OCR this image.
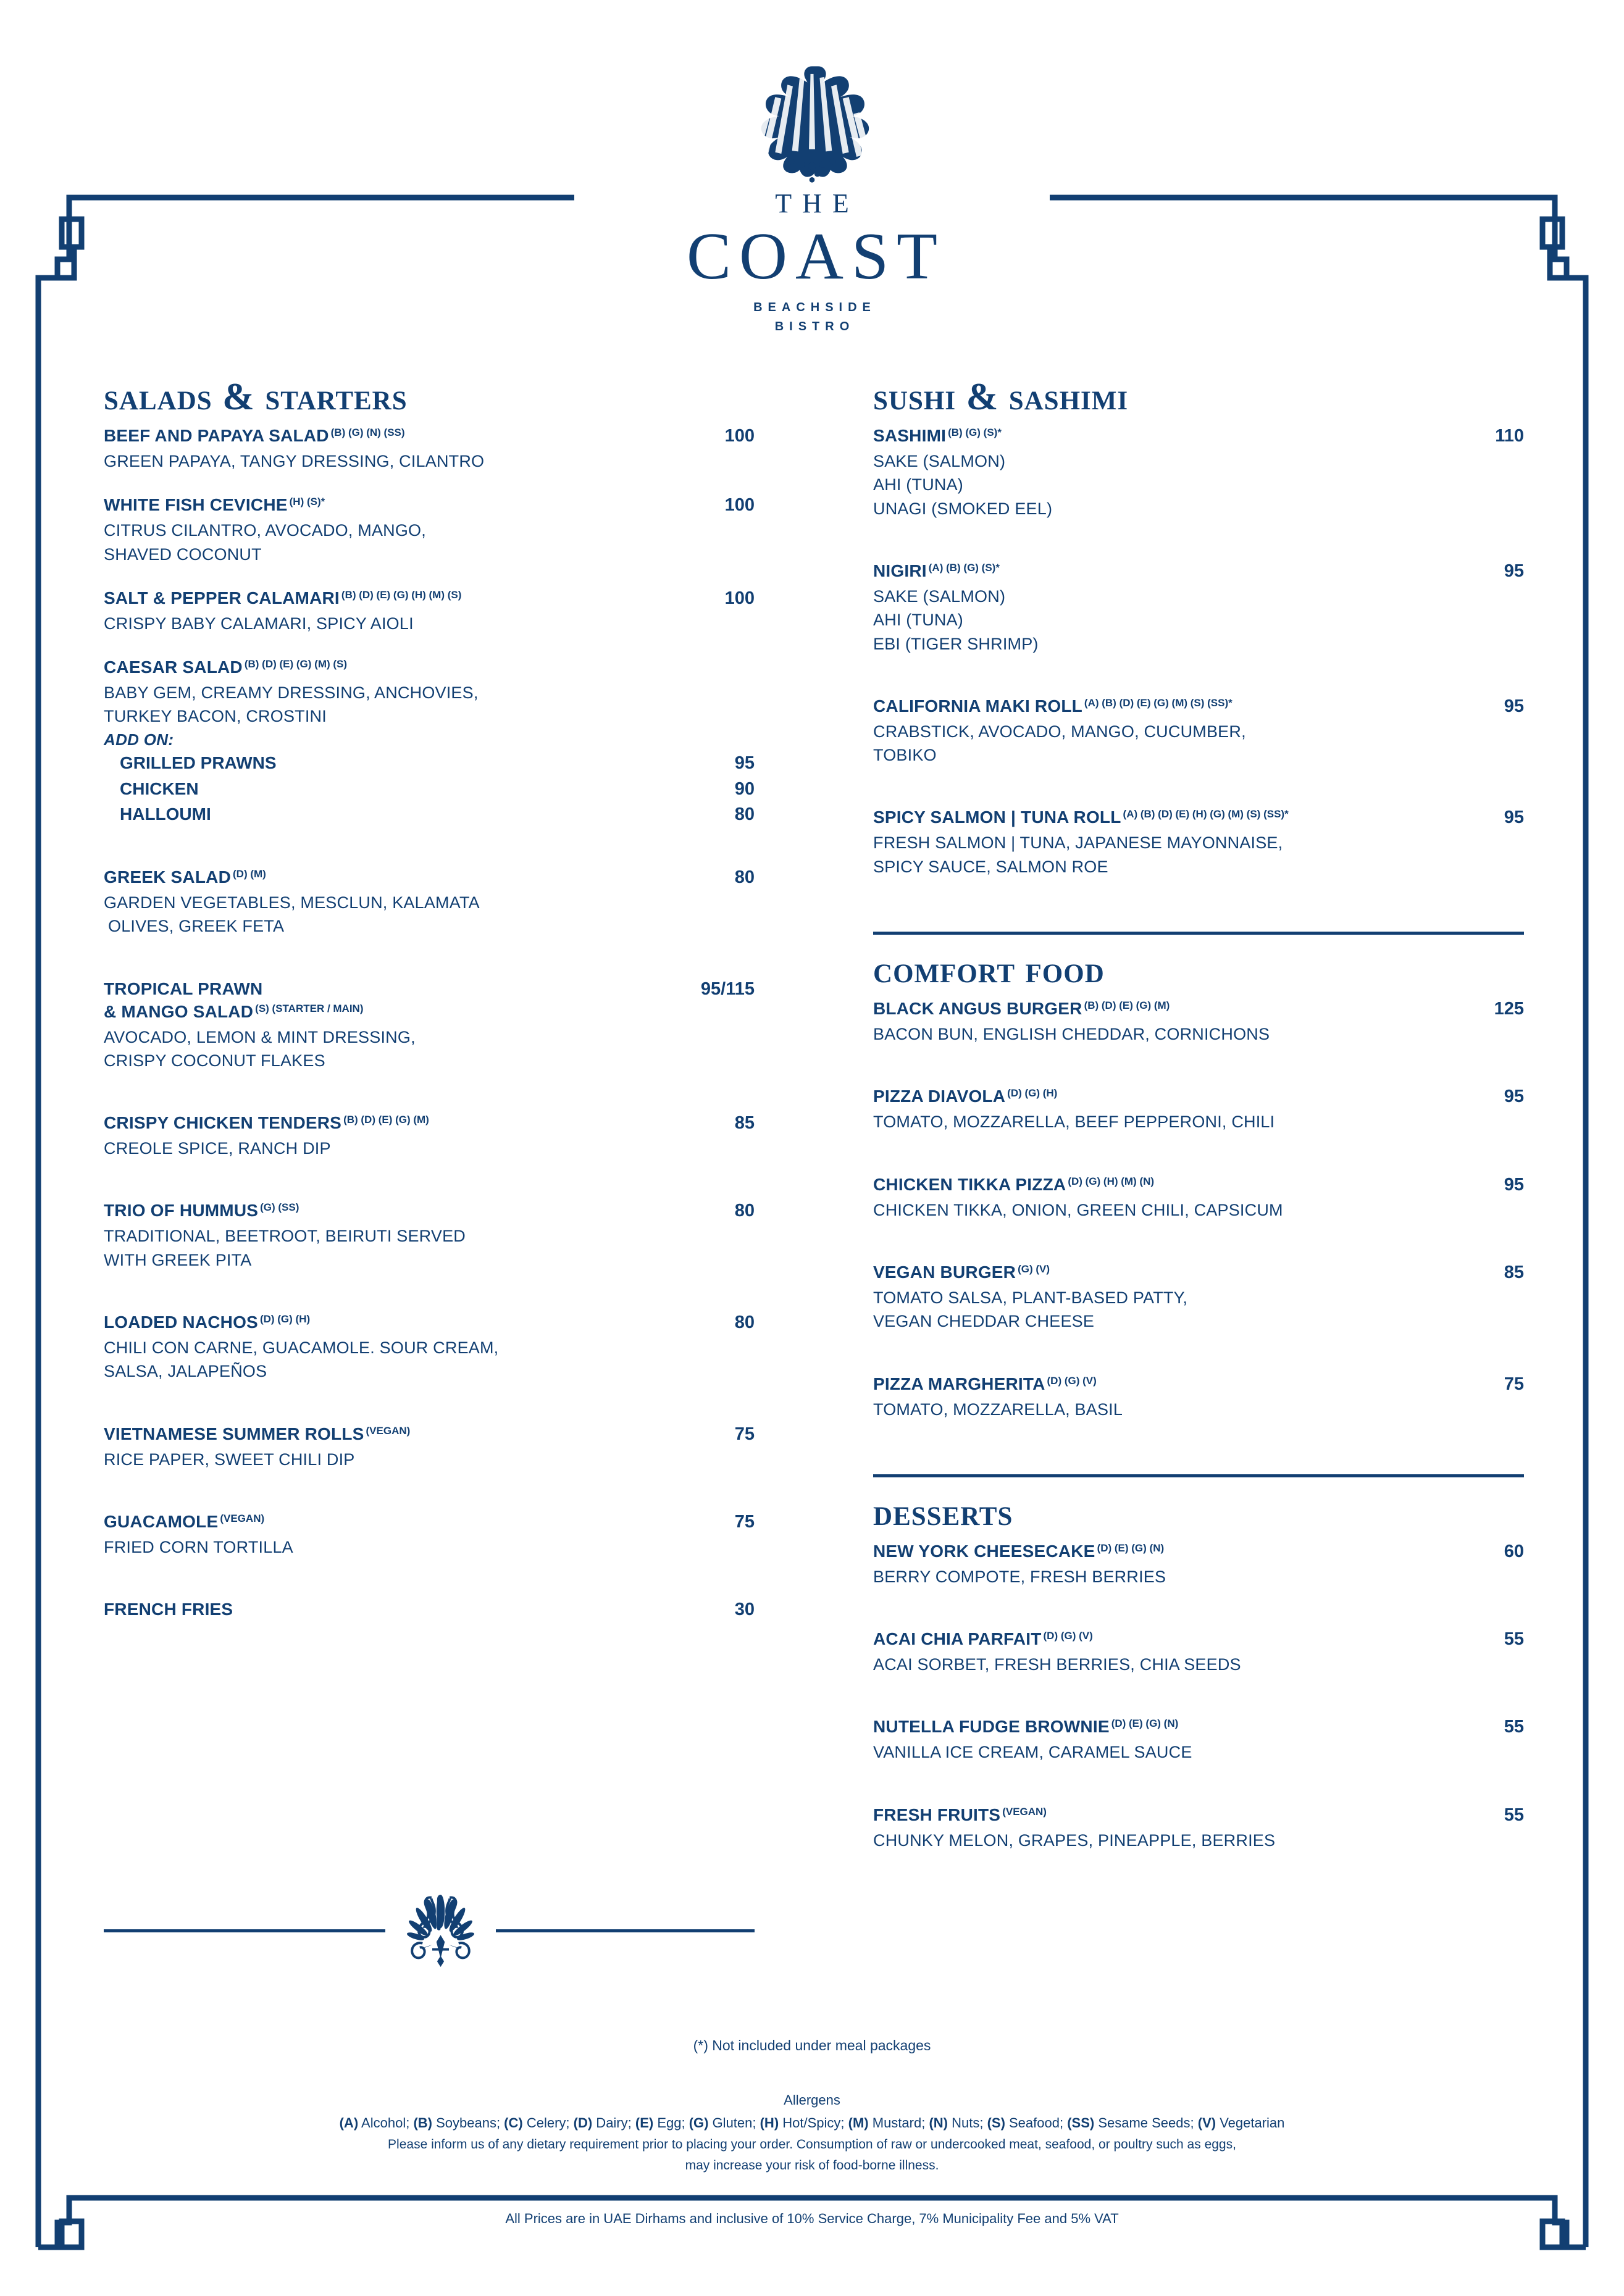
THE
COAST
BEACHSIDE
BISTRO
salads & starters
BEEF AND PAPAYA SALAD $^{(B) (G) (N) (SS)}$	100
GREEN PAPAYA, TANGY DRESSING, CILANTRO
WHITE FISH CEVICHE $^{(H) (S)*}$	100
CITRUS CILANTRO, AVOCADO, MANGO,
SHAVED COCONUT
SALT & PEPPER CALAMARI $^{(B) (D) (E) (G) (H) (M) (S)}$	100
CRISPY BABY CALAMARI, SPICY AIOLI
CAESAR SALAD $^{(B) (D) (E) (G) (M) (S)}$
BABY GEM, CREAMY DRESSING, ANCHOVIES,
TURKEY BACON, CROSTINI
ADD ON:
GRILLED PRAWNS	95
CHICKEN	90
HALLOUMI	80
GREEK SALAD $^{(D) (M)}$	80
GARDEN VEGETABLES, MESCLUN, KALAMATA
OLIVES, GREEK FETA
TROPICAL PRAWN	95/115
& MANGO SALAD $^{(S) (STARTER / MAIN)}$
AVOCADO, LEMON & MINT DRESSING,
CRISPY COCONUT FLAKES
CRISPY CHICKEN TENDERS $^{(B) (D) (E) (G) (M)}$	85
CREOLE SPICE, RANCH DIP
TRIO OF HUMMUS $^{(G) (SS)}$	80
TRADITIONAL, BEETROOT, BEIRUTI SERVED
WITH GREEK PITA
LOADED NACHOS $^{(D) (G) (H)}$	80
CHILI CON CARNE, GUACAMOLE. SOUR CREAM,
SALSA, JALAPEÑOS
VIETNAMESE SUMMER ROLLS $^{(VEGAN)}$	75
RICE PAPER, SWEET CHILI DIP
GUACAMOLE $^{(VEGAN)}$	75
FRIED CORN TORTILLA
FRENCH FRIES	30
sushi & sashimi
SASHIMI $^{(B) (G) (S)*}$	110
SAKE (SALMON)
AHI (TUNA)
UNAGI (SMOKED EEL)
NIGIRI $^{(A) (B) (G) (S)*}$	95
SAKE (SALMON)
AHI (TUNA)
EBI (TIGER SHRIMP)
CALIFORNIA MAKI ROLL $^{(A) (B) (D) (E) (G) (M) (S) (SS)*}$	95
CRABSTICK, AVOCADO, MANGO, CUCUMBER,
TOBIKO
SPICY SALMON | TUNA ROLL $^{(A) (B) (D) (E) (H) (G) (M) (S) (SS)*}$	95
FRESH SALMON | TUNA, JAPANESE MAYONNAISE,
SPICY SAUCE, SALMON ROE
comfort food
BLACK ANGUS BURGER $^{(B) (D) (E) (G) (M)}$	125
BACON BUN, ENGLISH CHEDDAR, CORNICHONS
PIZZA DIAVOLA $^{(D) (G) (H)}$	95
TOMATO, MOZZARELLA, BEEF PEPPERONI, CHILI
CHICKEN TIKKA PIZZA $^{(D) (G) (H) (M) (N)}$	95
CHICKEN TIKKA, ONION, GREEN CHILI, CAPSICUM
VEGAN BURGER $^{(G) (V)}$	85
TOMATO SALSA, PLANT-BASED PATTY,
VEGAN CHEDDAR CHEESE
PIZZA MARGHERITA $^{(D) (G) (V)}$	75
TOMATO, MOZZARELLA, BASIL
desserts
NEW YORK CHEESECAKE $^{(D) (E) (G) (N)}$	60
BERRY COMPOTE, FRESH BERRIES
ACAI CHIA PARFAIT $^{(D) (G) (V)}$	55
ACAI SORBET, FRESH BERRIES, CHIA SEEDS
NUTELLA FUDGE BROWNIE $^{(D) (E) (G) (N)}$	55
VANILLA ICE CREAM, CARAMEL SAUCE
FRESH FRUITS $^{(VEGAN)}$	55
CHUNKY MELON, GRAPES, PINEAPPLE, BERRIES
(*) Not included under meal packages
Allergens
(A) Alcohol; (B) Soybeans; (C) Celery; (D) Dairy; (E) Egg; (G) Gluten; (H) Hot/Spicy; (M) Mustard; (N) Nuts; (S) Seafood; (SS) Sesame Seeds; (V) Vegetarian
Please inform us of any dietary requirement prior to placing your order. Consumption of raw or undercooked meat, seafood, or poultry such as eggs,
may increase your risk of food-borne illness.
All Prices are in UAE Dirhams and inclusive of 10% Service Charge, 7% Municipality Fee and 5% VAT
